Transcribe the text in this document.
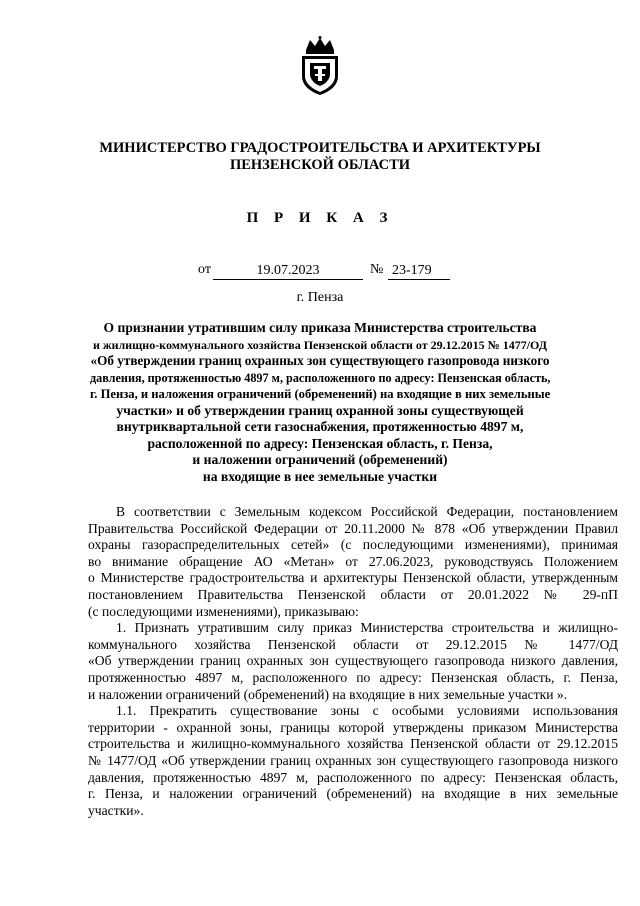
МИНИСТЕРСТВО ГРАДОСТРОИТЕЛЬСТВА И АРХИТЕКТУРЫ
ПЕНЗЕНСКОЙ ОБЛАСТИ
П Р И К А З
от	19.07.2023	№ 23-179
г. Пенза
О признании утратившим силу приказа Министерства строительства
и жилищно-коммунального хозяйства Пензенской области от 29.12.2015 № 1477/ОД
«Об утверждении границ охранных зон существующего газопровода низкого
давления, протяженностью 4897 м, расположенного по адресу: Пензенская область,
г. Пенза, и наложения ограничений (обременений) на входящие в них земельные
участки» и об утверждении границ охранной зоны существующей
внутриквартальной сети газоснабжения, протяженностью 4897 м,
расположенной по адресу: Пензенская область, г. Пенза,
и наложении ограничений (обременений)
на входящие в нее земельные участки
В соответствии с Земельным кодексом Российской Федерации, постановлением
Правительства Российской Федерации от 20.11.2000 № 878 «Об утверждении Правил
охраны газораспределительных сетей» (с последующими изменениями), принимая
во внимание обращение АО «Метан» от 27.06.2023, руководствуясь Положением
о Министерстве градостроительства и архитектуры Пензенской области, утвержденным
постановлением Правительства Пензенской области от 20.01.2022 № 29-пП
(с последующими изменениями), приказываю:
1. Признать утратившим силу приказ Министерства строительства и жилищно-
коммунального хозяйства Пензенской области от 29.12.2015 № 1477/ОД
«Об утверждении границ охранных зон существующего газопровода низкого давления,
протяженностью 4897 м, расположенного по адресу: Пензенская область, г. Пенза,
и наложении ограничений (обременений) на входящие в них земельные участки ».
1.1. Прекратить существование зоны с особыми условиями использования
территории - охранной зоны, границы которой утверждены приказом Министерства
строительства и жилищно-коммунального хозяйства Пензенской области от 29.12.2015
№ 1477/ОД «Об утверждении границ охранных зон существующего газопровода низкого
давления, протяженностью 4897 м, расположенного по адресу: Пензенская область,
г. Пенза, и наложении ограничений (обременений) на входящие в них земельные
участки».
